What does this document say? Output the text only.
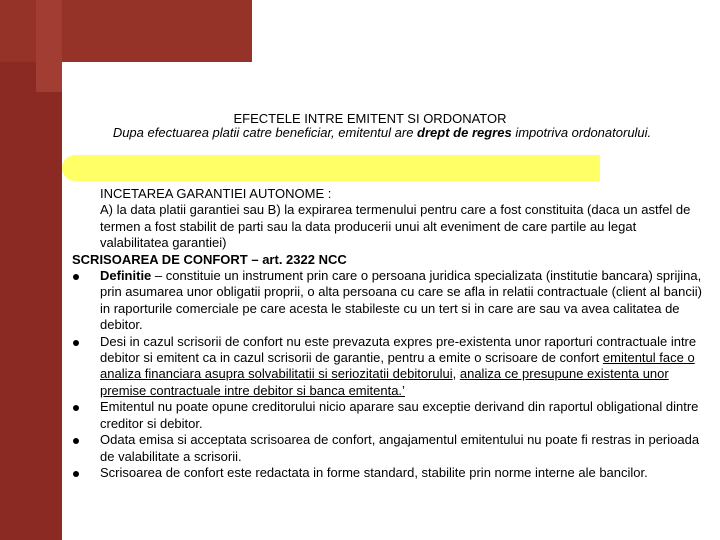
EFECTELE INTRE EMITENT SI ORDONATOR
Dupa efectuarea platii catre beneficiar, emitentul are drept de regres impotriva ordonatorului.
INCETAREA GARANTIEI AUTONOME :
A) la data platii garantiei sau B) la expirarea termenului pentru care a fost constituita (daca un astfel de termen a fost stabilit de parti sau la data producerii unui alt eveniment de care partile au legat valabilitatea garantiei)
SCRISOAREA DE CONFORT – art. 2322 NCC
Definitie – constituie un instrument prin care o persoana juridica specializata (institutie bancara) sprijina, prin asumarea unor obligatii proprii, o alta persoana cu care se afla in relatii contractuale (client al bancii) in raporturile comerciale pe care acesta le stabileste cu un tert si in care are sau va avea calitatea de debitor.
Desi in cazul scrisorii de confort nu este prevazuta expres pre-existenta unor raporturi contractuale intre debitor si emitent ca in cazul scrisorii de garantie, pentru a emite o scrisoare de confort emitentul face o analiza financiara asupra solvabilitatii si seriozitatii debitorului, analiza ce presupune existenta unor premise contractuale intre debitor si banca emitenta.’
Emitentul nu poate opune creditorului nicio aparare sau exceptie derivand din raportul obligational dintre creditor si debitor.
Odata emisa si acceptata scrisoarea de confort, angajamentul emitentului nu poate fi restras in perioada de valabilitate a scrisorii.
Scrisoarea de confort este redactata in forme standard, stabilite prin norme interne ale bancilor.
